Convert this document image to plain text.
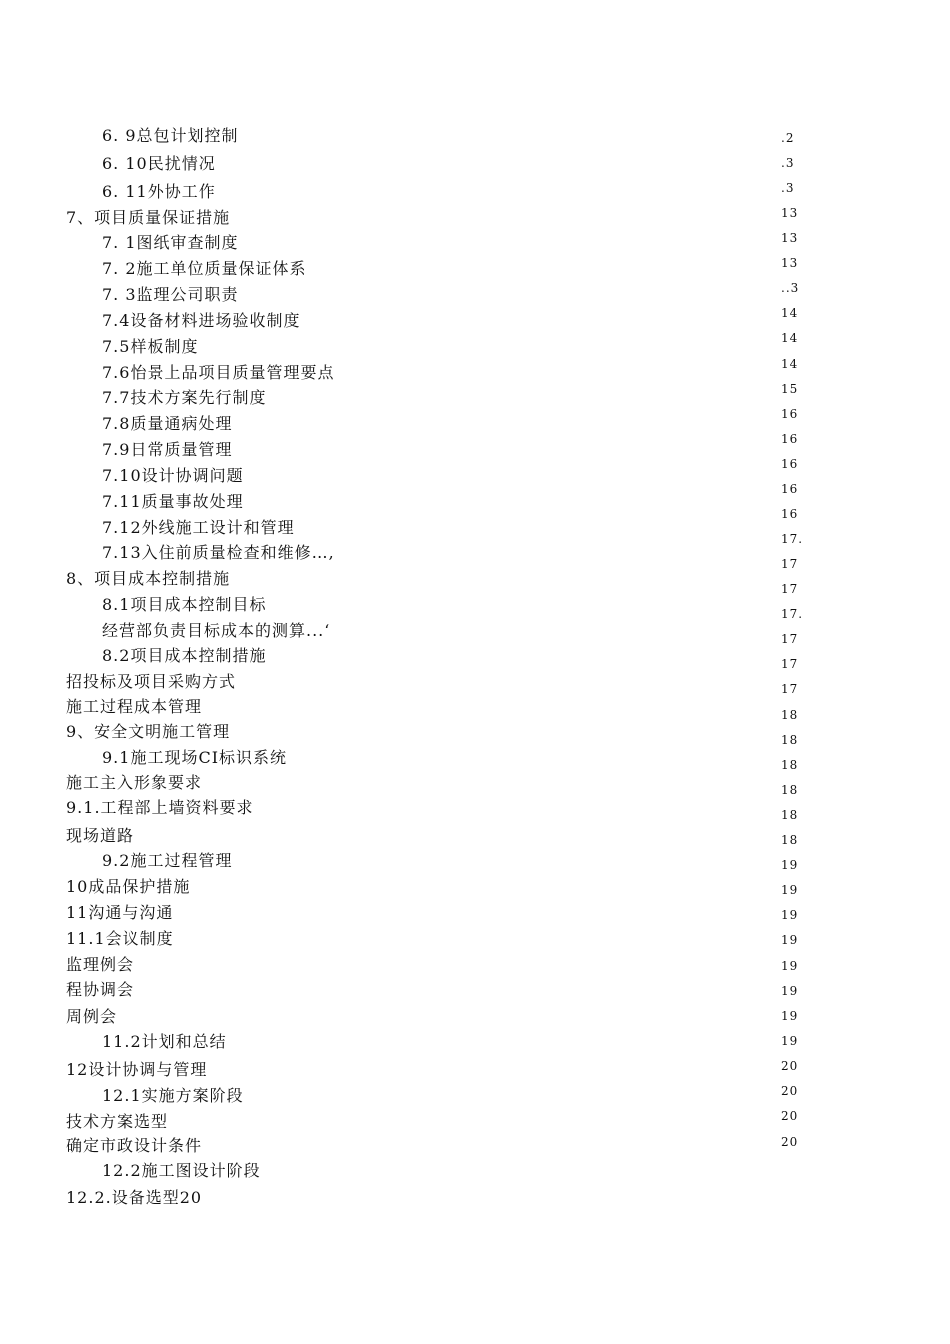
6. 9总包计划控制
6. 10民扰情况
6. 11外协工作
7、项目质量保证措施
7. 1图纸审查制度
7. 2施工单位质量保证体系
7. 3监理公司职责
7.4设备材料进场验收制度
7.5样板制度
7.6怡景上品项目质量管理要点
7.7技术方案先行制度
7.8质量通病处理
7.9日常质量管理
7.10设计协调问题
7.11质量事故处理
7.12外线施工设计和管理
7.13入住前质量检查和维修…,
8、项目成本控制措施
8.1项目成本控制目标
经营部负责目标成本的测算...‘
8.2项目成本控制措施
招投标及项目采购方式
施工过程成本管理
9、安全文明施工管理
9.1施工现场CI标识系统
施工主入形象要求
9.1.工程部上墙资料要求
现场道路
9.2施工过程管理
10成品保护措施
11沟通与沟通
11.1会议制度
监理例会
程协调会
周例会
11.2计划和总结
12设计协调与管理
12.1实施方案阶段
技术方案选型
确定市政设计条件
12.2施工图设计阶段
12.2.设备选型20
.2
.3
.3
13
13
13
..3
14
14
14
15
16
16
16
16
16
17.
17
17
17.
17
17
17
18
18
18
18
18
18
19
19
19
19
19
19
19
19
20
20
20
20
